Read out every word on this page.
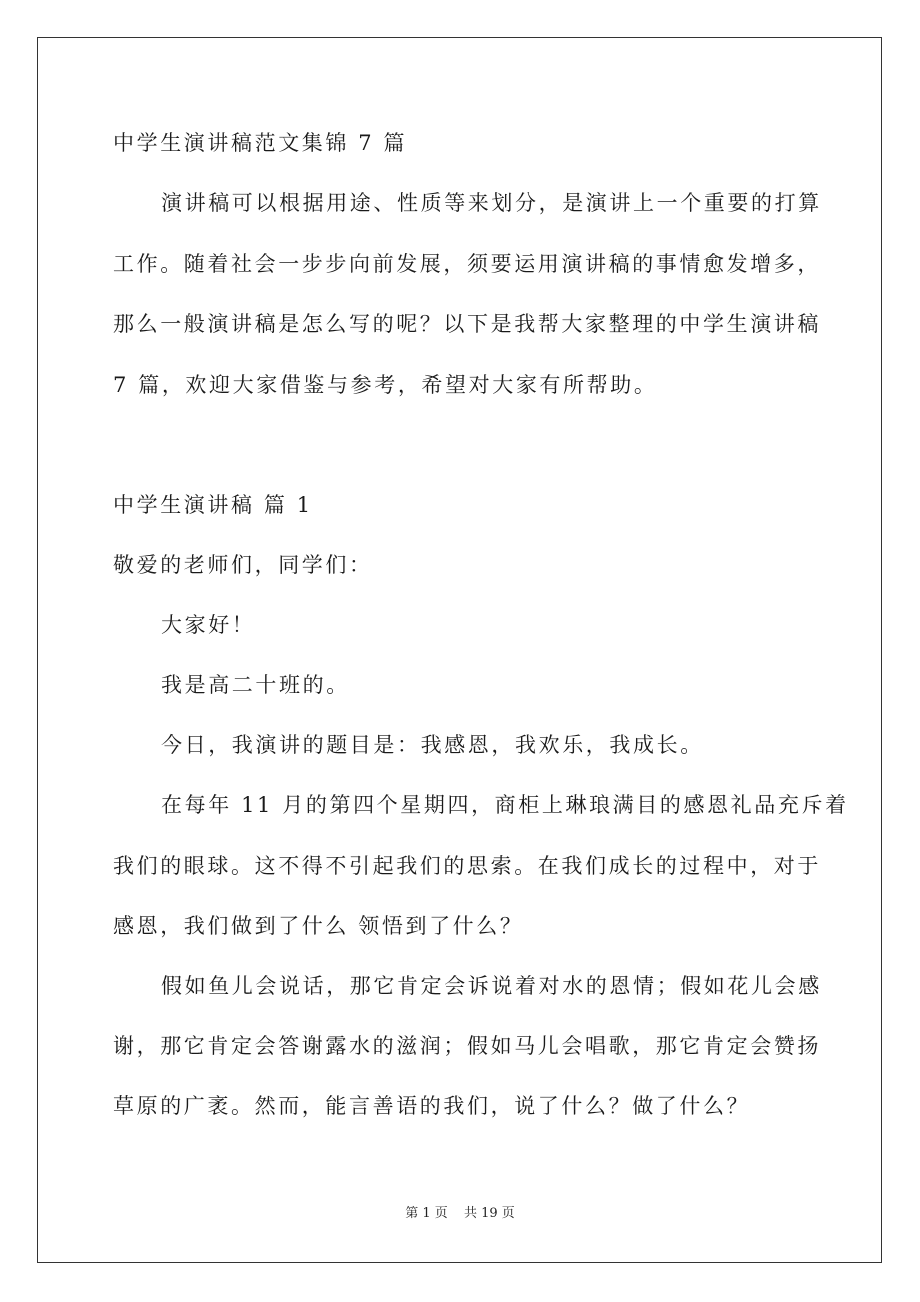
中学生演讲稿范文集锦 7 篇
演讲稿可以根据用途、性质等来划分，是演讲上一个重要的打算
工作。随着社会一步步向前发展，须要运用演讲稿的事情愈发增多，
那么一般演讲稿是怎么写的呢？以下是我帮大家整理的中学生演讲稿
7 篇，欢迎大家借鉴与参考，希望对大家有所帮助。
中学生演讲稿 篇 1
敬爱的老师们，同学们：
大家好！
我是高二十班的。
今日，我演讲的题目是：我感恩，我欢乐，我成长。
在每年 11 月的第四个星期四，商柜上琳琅满目的感恩礼品充斥着
我们的眼球。这不得不引起我们的思索。在我们成长的过程中，对于
感恩，我们做到了什么 领悟到了什么？
假如鱼儿会说话，那它肯定会诉说着对水的恩情；假如花儿会感
谢，那它肯定会答谢露水的滋润；假如马儿会唱歌，那它肯定会赞扬
草原的广袤。然而，能言善语的我们，说了什么？做了什么？
第 1 页 共 19 页
